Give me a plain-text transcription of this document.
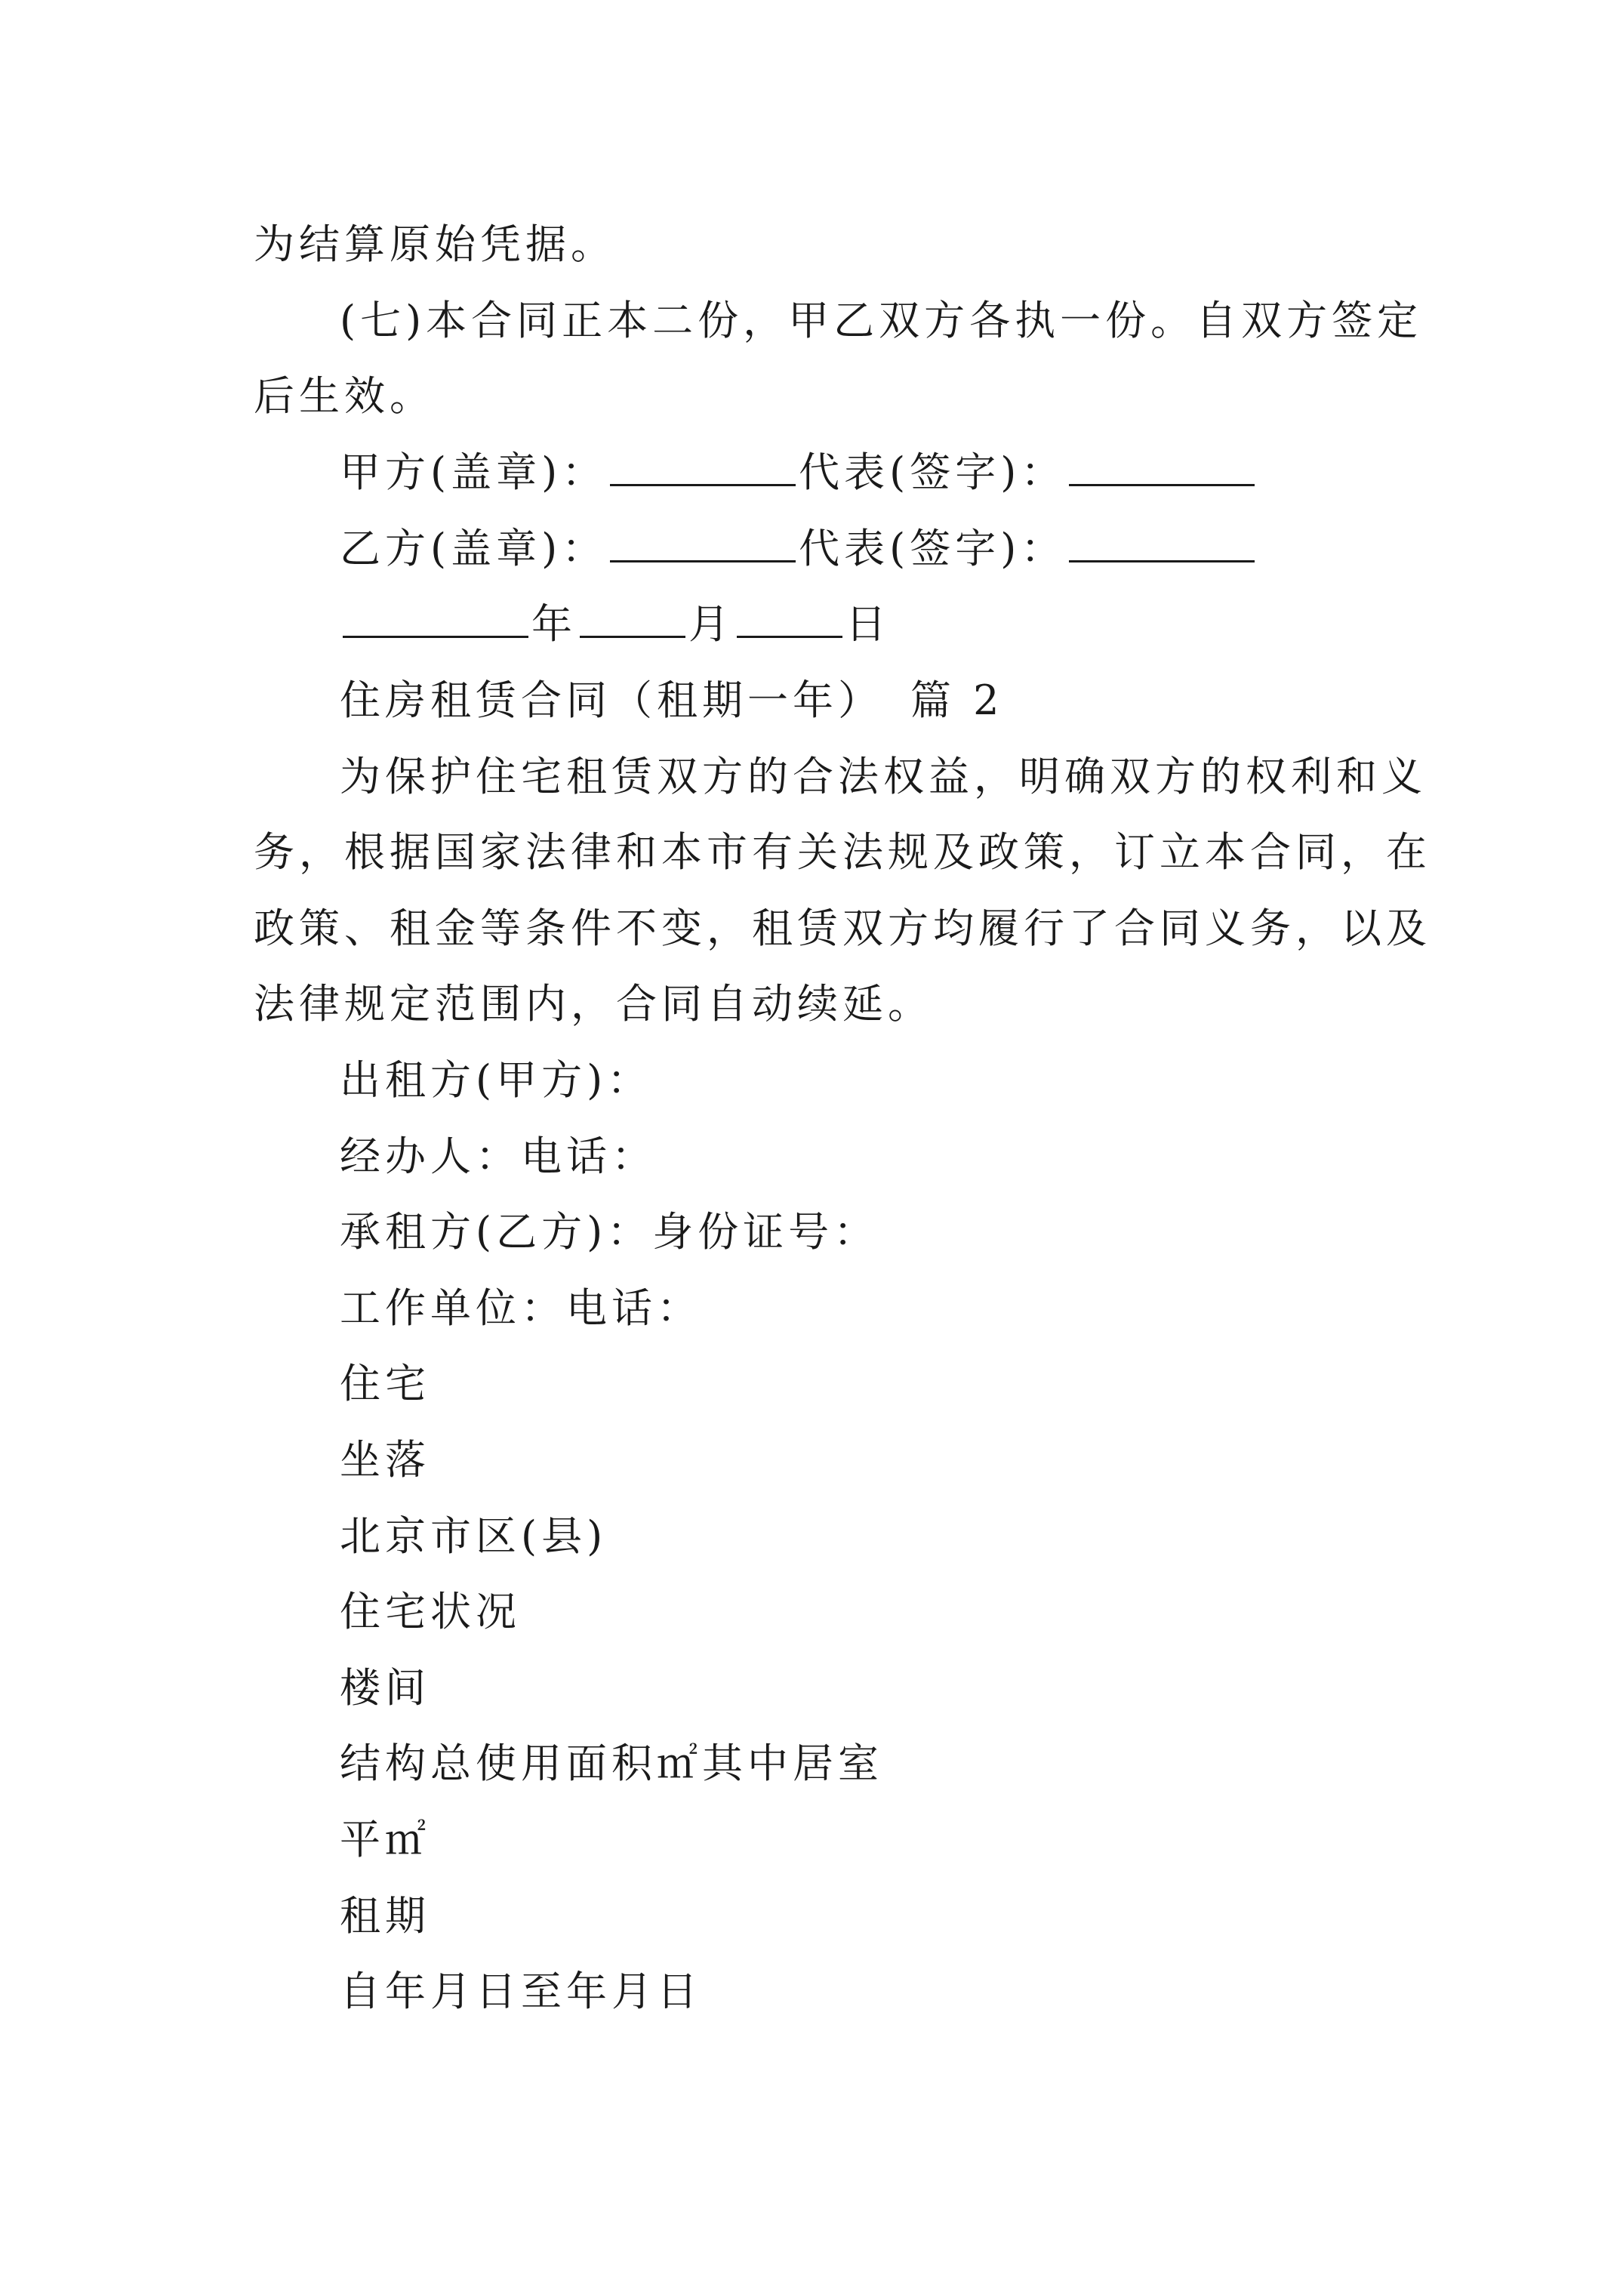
为结算原始凭据。
(七)本合同正本二份，甲乙双方各执一份。自双方签定
后生效。
甲方(盖章)：	代表(签字)：
乙方(盖章)：	代表(签字)：
年	月	日
住房租赁合同（租期一年） 篇 2
为保护住宅租赁双方的合法权益，明确双方的权利和义
务，根据国家法律和本市有关法规及政策，订立本合同，在
政策、租金等条件不变，租赁双方均履行了合同义务，以及
法律规定范围内，合同自动续延。
出租方(甲方)：
经办人：电话：
承租方(乙方)：身份证号：
工作单位：电话：
住宅
坐落
北京市区(县)
住宅状况
楼间
结构总使用面积㎡其中居室
平㎡
租期
自年月日至年月日
